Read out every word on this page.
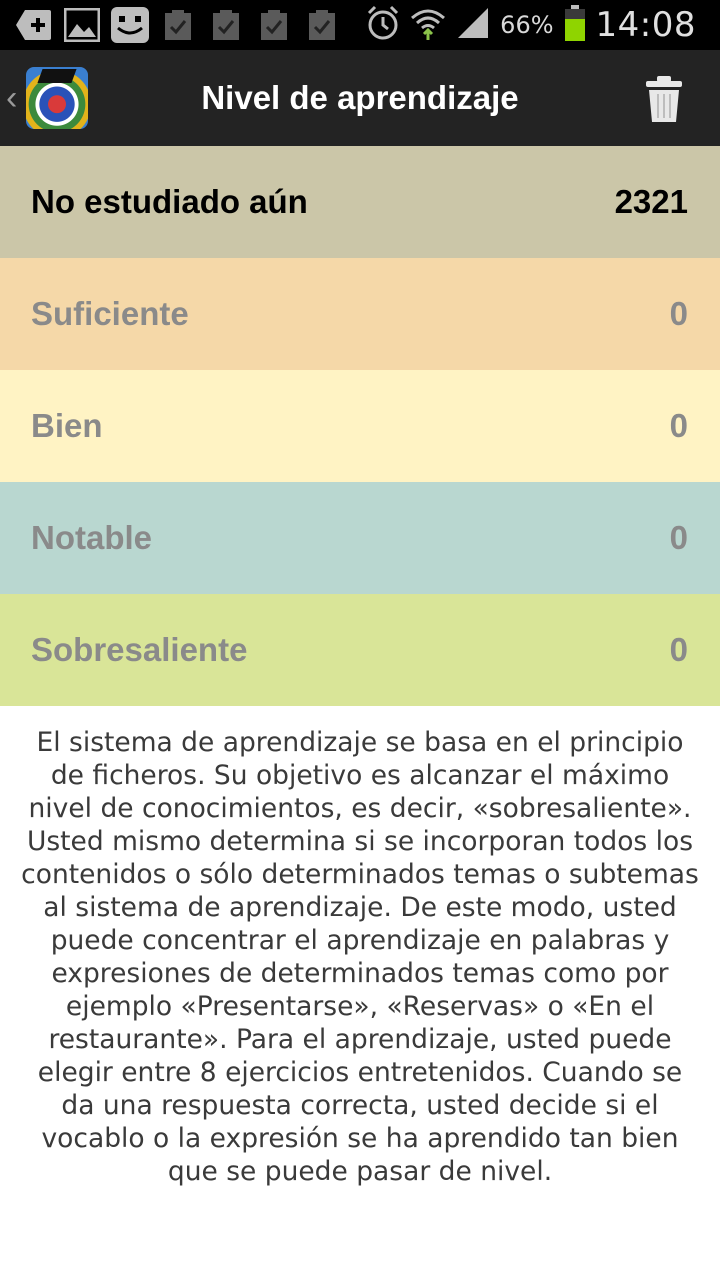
66% 14:08
‹	Nivel de aprendizaje
No estudiado aún	2321
Suficiente	0
Bien	0
Notable	0
Sobresaliente	0
El sistema de aprendizaje se basa en el principio de ficheros. Su objetivo es alcanzar el máximo nivel de conocimientos, es decir, «sobresaliente». Usted mismo determina si se incorporan todos los contenidos o sólo determinados temas o subtemas al sistema de aprendizaje. De este modo, usted puede concentrar el aprendizaje en palabras y expresiones de determinados temas como por ejemplo «Presentarse», «Reservas» o «En el restaurante». Para el aprendizaje, usted puede elegir entre 8 ejercicios entretenidos. Cuando se da una respuesta correcta, usted decide si el vocablo o la expresión se ha aprendido tan bien que se puede pasar de nivel.
